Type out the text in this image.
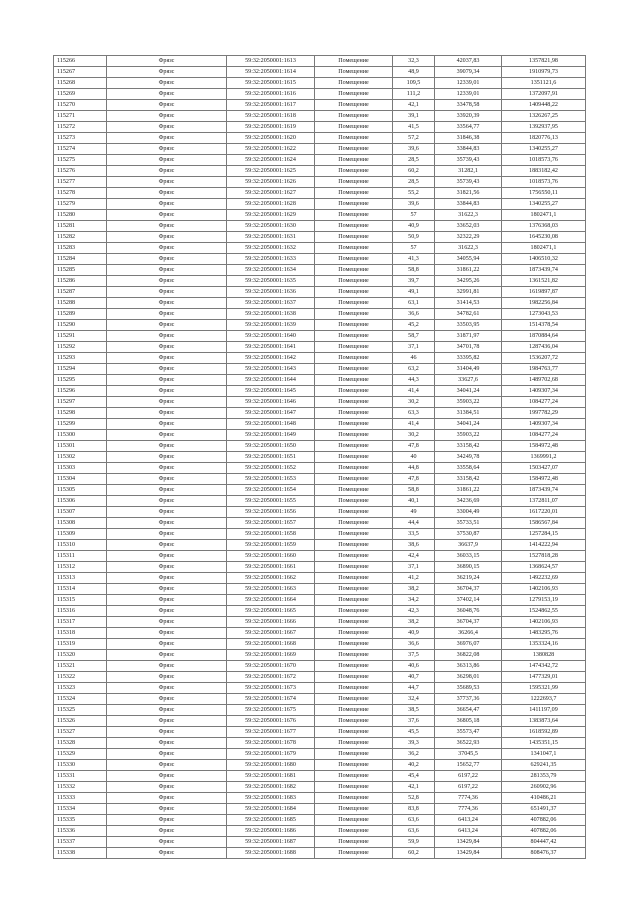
115266	Фрязс	59:32:2050001:1613	Помещение	32,3	42037,83	1357821,98
115267	Фрязс	59:32:2050001:1614	Помещение	48,9	39079,34	1910979,73
115268	Фрязс	59:32:2050001:1615	Помещение	109,5	12339,01	1351121,6
115269	Фрязс	59:32:2050001:1616	Помещение	111,2	12339,01	1372097,91
115270	Фрязс	59:32:2050001:1617	Помещение	42,1	33478,58	1409448,22
115271	Фрязс	59:32:2050001:1618	Помещение	39,1	33920,39	1326267,25
115272	Фрязс	59:32:2050001:1619	Помещение	41,5	33564,77	1392937,95
115273	Фрязс	59:32:2050001:1620	Помещение	57,2	31846,38	1820776,13
115274	Фрязс	59:32:2050001:1622	Помещение	39,6	33844,83	1340255,27
115275	Фрязс	59:32:2050001:1624	Помещение	28,5	35739,43	1018573,76
115276	Фрязс	59:32:2050001:1625	Помещение	60,2	31282,1	1883182,42
115277	Фрязс	59:32:2050001:1626	Помещение	28,5	35739,43	1018573,76
115278	Фрязс	59:32:2050001:1627	Помещение	55,2	31821,56	1756550,11
115279	Фрязс	59:32:2050001:1628	Помещение	39,6	33844,83	1340255,27
115280	Фрязс	59:32:2050001:1629	Помещение	57	31622,3	1802471,1
115281	Фрязс	59:32:2050001:1630	Помещение	40,9	33652,03	1376368,03
115282	Фрязс	59:32:2050001:1631	Помещение	50,9	32322,29	1645230,08
115283	Фрязс	59:32:2050001:1632	Помещение	57	31622,3	1802471,1
115284	Фрязс	59:32:2050001:1633	Помещение	41,3	34055,94	1406510,32
115285	Фрязс	59:32:2050001:1634	Помещение	58,8	31861,22	1873439,74
115286	Фрязс	59:32:2050001:1635	Помещение	39,7	34295,26	1361521,82
115287	Фрязс	59:32:2050001:1636	Помещение	49,1	32991,81	1619897,87
115288	Фрязс	59:32:2050001:1637	Помещение	63,1	31414,53	1982256,84
115289	Фрязс	59:32:2050001:1638	Помещение	36,6	34782,61	1273043,53
115290	Фрязс	59:32:2050001:1639	Помещение	45,2	33503,95	1514378,54
115291	Фрязс	59:32:2050001:1640	Помещение	58,7	31871,97	1870884,64
115292	Фрязс	59:32:2050001:1641	Помещение	37,1	34701,78	1287436,04
115293	Фрязс	59:32:2050001:1642	Помещение	46	33395,82	1536207,72
115294	Фрязс	59:32:2050001:1643	Помещение	63,2	31404,49	1984763,77
115295	Фрязс	59:32:2050001:1644	Помещение	44,3	33627,6	1489702,68
115296	Фрязс	59:32:2050001:1645	Помещение	41,4	34041,24	1409307,34
115297	Фрязс	59:32:2050001:1646	Помещение	30,2	35903,22	1084277,24
115298	Фрязс	59:32:2050001:1647	Помещение	63,3	31384,51	1997782,29
115299	Фрязс	59:32:2050001:1648	Помещение	41,4	34041,24	1409307,34
115300	Фрязс	59:32:2050001:1649	Помещение	30,2	35903,22	1084277,24
115301	Фрязс	59:32:2050001:1650	Помещение	47,8	33158,42	1584972,48
115302	Фрязс	59:32:2050001:1651	Помещение	40	34249,78	1369991,2
115303	Фрязс	59:32:2050001:1652	Помещение	44,8	33558,64	1503427,07
115304	Фрязс	59:32:2050001:1653	Помещение	47,8	33158,42	1584972,48
115305	Фрязс	59:32:2050001:1654	Помещение	58,8	31861,22	1873439,74
115306	Фрязс	59:32:2050001:1655	Помещение	40,1	34236,69	1372811,07
115307	Фрязс	59:32:2050001:1656	Помещение	49	33004,49	1617220,01
115308	Фрязс	59:32:2050001:1657	Помещение	44,4	35733,51	1586567,84
115309	Фрязс	59:32:2050001:1658	Помещение	33,5	37530,87	1257284,15
115310	Фрязс	59:32:2050001:1659	Помещение	38,6	36637,9	1414222,94
115311	Фрязс	59:32:2050001:1660	Помещение	42,4	36033,15	1527818,28
115312	Фрязс	59:32:2050001:1661	Помещение	37,1	36890,15	1368624,57
115313	Фрязс	59:32:2050001:1662	Помещение	41,2	36219,24	1492232,69
115314	Фрязс	59:32:2050001:1663	Помещение	38,2	36704,37	1402106,93
115315	Фрязс	59:32:2050001:1664	Помещение	34,2	37402,14	1279153,19
115316	Фрязс	59:32:2050001:1665	Помещение	42,3	36048,76	1524862,55
115317	Фрязс	59:32:2050001:1666	Помещение	38,2	36704,37	1402106,93
115318	Фрязс	59:32:2050001:1667	Помещение	40,9	36266,4	1483295,76
115319	Фрязс	59:32:2050001:1668	Помещение	36,6	36976,07	1353324,16
115320	Фрязс	59:32:2050001:1669	Помещение	37,5	36822,08	1380828
115321	Фрязс	59:32:2050001:1670	Помещение	40,6	36313,86	1474342,72
115322	Фрязс	59:32:2050001:1672	Помещение	40,7	36298,01	1477329,01
115323	Фрязс	59:32:2050001:1673	Помещение	44,7	35689,53	1595321,99
115324	Фрязс	59:32:2050001:1674	Помещение	32,4	37737,36	1222693,7
115325	Фрязс	59:32:2050001:1675	Помещение	38,5	36654,47	1411197,09
115326	Фрязс	59:32:2050001:1676	Помещение	37,6	36805,18	1383873,64
115327	Фрязс	59:32:2050001:1677	Помещение	45,5	35573,47	1618592,89
115328	Фрязс	59:32:2050001:1678	Помещение	39,3	36522,93	1435351,15
115329	Фрязс	59:32:2050001:1679	Помещение	36,2	37045,5	1341047,1
115330	Фрязс	59:32:2050001:1680	Помещение	40,2	15652,77	629241,35
115331	Фрязс	59:32:2050001:1681	Помещение	45,4	6197,22	281353,79
115332	Фрязс	59:32:2050001:1682	Помещение	42,1	6197,22	260902,96
115333	Фрязс	59:32:2050001:1683	Помещение	52,8	7774,36	410486,21
115334	Фрязс	59:32:2050001:1684	Помещение	83,8	7774,36	651491,37
115335	Фрязс	59:32:2050001:1685	Помещение	63,6	6413,24	407882,06
115336	Фрязс	59:32:2050001:1686	Помещение	63,6	6413,24	407882,06
115337	Фрязс	59:32:2050001:1687	Помещение	59,9	13429,84	804447,42
115338	Фрязс	59:32:2050001:1688	Помещение	60,2	13429,84	808476,37
